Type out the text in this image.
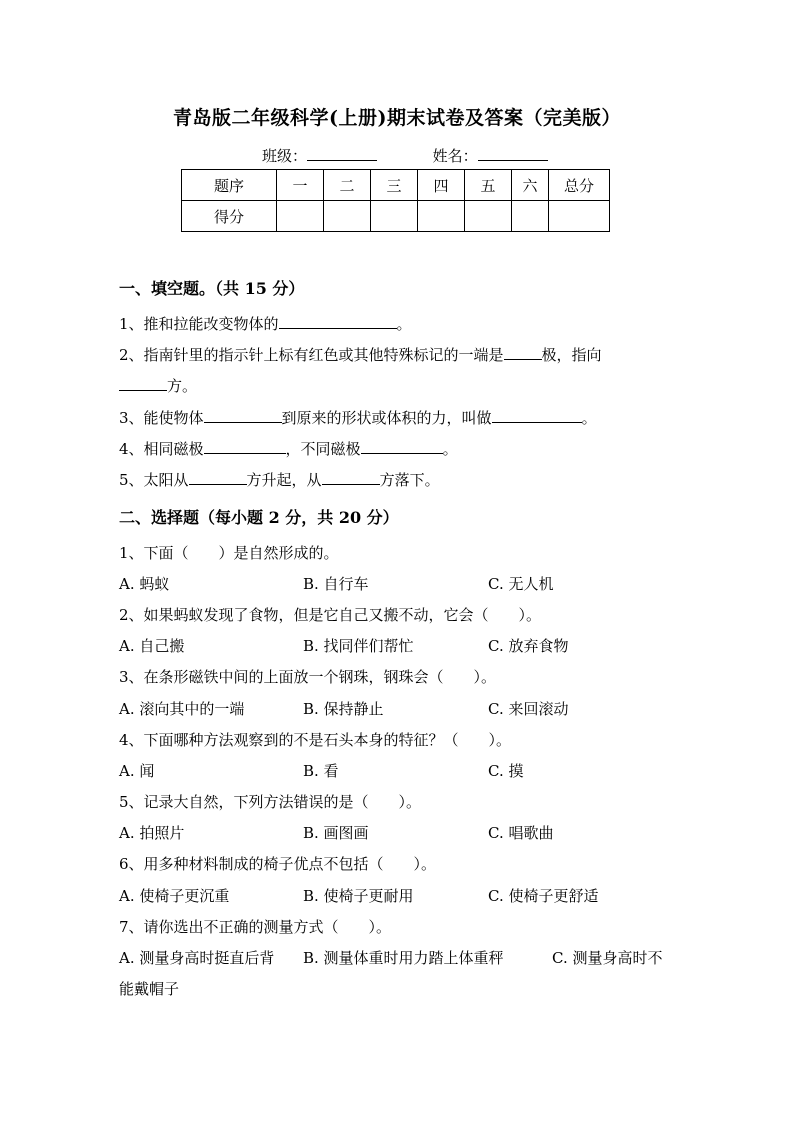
青岛版二年级科学(上册)期末试卷及答案（完美版）
班级：	姓名：
题序	一	二	三	四	五	六	总分
得分							
一、填空题。（共 15 分）
1、推和拉能改变物体的	。
2、指南针里的指示针上标有红色或其他特殊标记的一端是	极，指向
方。
3、能使物体	到原来的形状或体积的力，叫做	。
4、相同磁极	，不同磁极	。
5、太阳从	方升起，从	方落下。
二、选择题（每小题 2 分，共 20 分）
1、下面（　　）是自然形成的。
A. 蚂蚁	B. 自行车	C. 无人机
2、如果蚂蚁发现了食物，但是它自己又搬不动，它会（　　）。
A. 自己搬	B. 找同伴们帮忙	C. 放弃食物
3、在条形磁铁中间的上面放一个钢珠，钢珠会（　　）。
A. 滚向其中的一端	B. 保持静止	C. 来回滚动
4、下面哪种方法观察到的不是石头本身的特征？（　　）。
A. 闻	B. 看	C. 摸
5、记录大自然，下列方法错误的是（　　）。
A. 拍照片	B. 画图画	C. 唱歌曲
6、用多种材料制成的椅子优点不包括（　　）。
A. 使椅子更沉重	B. 使椅子更耐用	C. 使椅子更舒适
7、请你选出不正确的测量方式（　　）。
A. 测量身高时挺直后背 B. 测量体重时用力踏上体重秤	C. 测量身高时不
能戴帽子
